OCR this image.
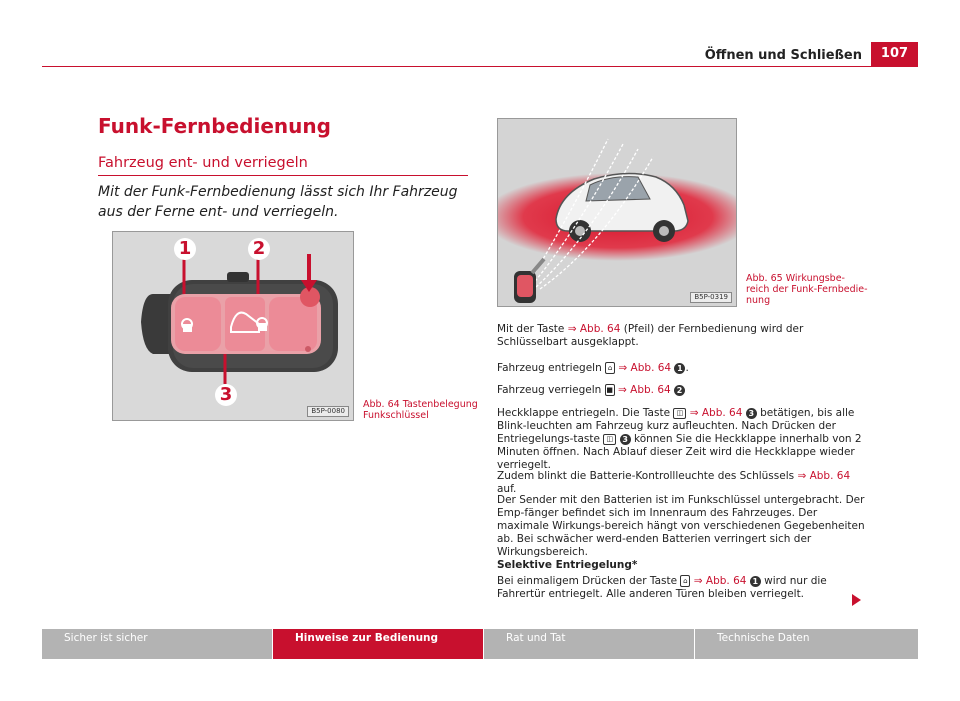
Öffnen und Schließen	107
Funk-Fernbedienung
Fahrzeug ent- und verriegeln
Mit der Funk-Fernbedienung lässt sich Ihr Fahrzeug aus der Ferne ent- und verriegeln.
1	2
3
B5P-0080
Abb. 64 Tastenbelegung
Funkschlüssel
B5P-0319
Abb. 65 Wirkungsbe-
reich der Funk-Fernbedie-
nung
Mit der Taste ⇒ Abb. 64 (Pfeil) der Fernbedienung wird der Schlüsselbart ausgeklappt.
Fahrzeug entriegeln ⌂ ⇒ Abb. 64 1 .
Fahrzeug verriegeln ■ ⇒ Abb. 64 2
Heckklappe entriegeln. Die Taste ◫ ⇒ Abb. 64 3 betätigen, bis alle Blink-leuchten am Fahrzeug kurz aufleuchten. Nach Drücken der Entriegelungs-taste ◫ 3 können Sie die Heckklappe innerhalb von 2 Minuten öffnen. Nach Ablauf dieser Zeit wird die Heckklappe wieder verriegelt.
Zudem blinkt die Batterie-Kontrollleuchte des Schlüssels ⇒ Abb. 64 auf.
Der Sender mit den Batterien ist im Funkschlüssel untergebracht. Der Emp-fänger befindet sich im Innenraum des Fahrzeuges. Der maximale Wirkungs-bereich hängt von verschiedenen Gegebenheiten ab. Bei schwächer werd-enden Batterien verringert sich der Wirkungsbereich.
Selektive Entriegelung*
Bei einmaligem Drücken der Taste ⌂ ⇒ Abb. 64 1 wird nur die Fahrertür entriegelt. Alle anderen Türen bleiben verriegelt.
Sicher ist sicher	Hinweise zur Bedienung	Rat und Tat	Technische Daten
